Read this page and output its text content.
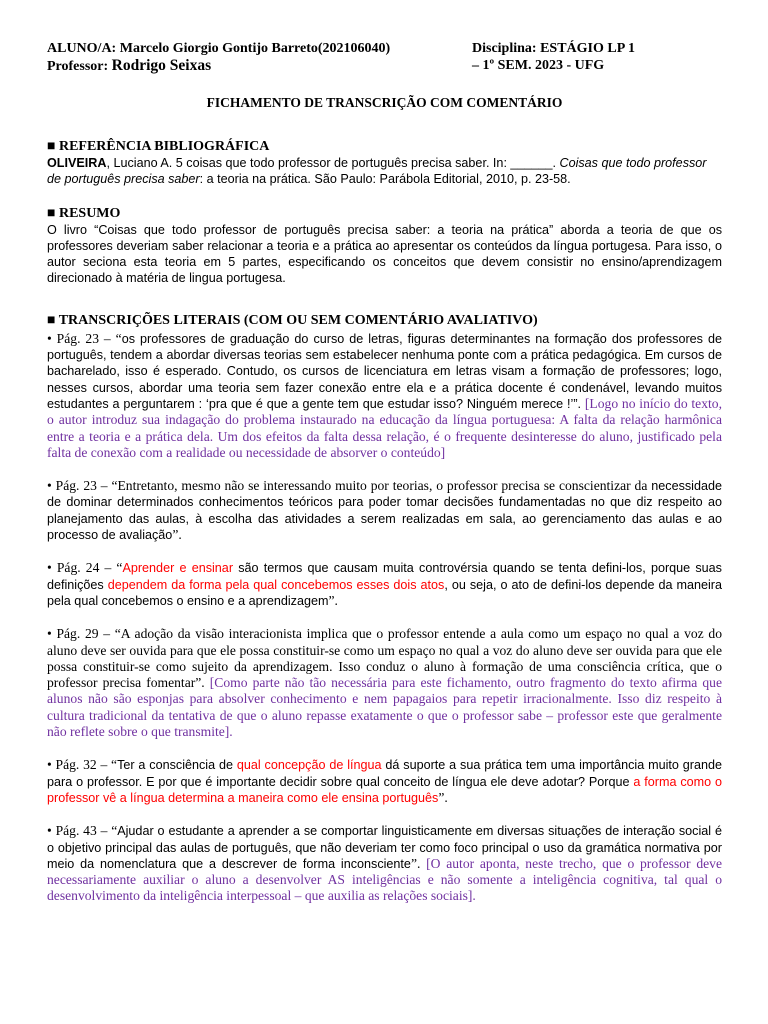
ALUNO/A: Marcelo Giorgio Gontijo Barreto(202106040)
Professor: Rodrigo Seixas
Disciplina: ESTÁGIO LP 1
– 1º SEM. 2023 - UFG
FICHAMENTO DE TRANSCRIÇÃO COM COMENTÁRIO
■ REFERÊNCIA BIBLIOGRÁFICA
OLIVEIRA, Luciano A. 5 coisas que todo professor de português precisa saber. In: ______. Coisas que todo professor de português precisa saber: a teoria na prática. São Paulo: Parábola Editorial, 2010, p. 23-58.
■ RESUMO
O livro “Coisas que todo professor de português precisa saber: a teoria na prática” aborda a teoria de que os professores deveriam saber relacionar a teoria e a prática ao apresentar os conteúdos da língua portugesa. Para isso, o autor seciona esta teoria em 5 partes, especificando os conceitos que devem consistir no ensino/aprendizagem direcionado à matéria de lingua portugesa.
■ TRANSCRIÇÕES LITERAIS (COM OU SEM COMENTÁRIO AVALIATIVO)
• Pág. 23 – “os professores de graduação do curso de letras, figuras determinantes na formação dos professores de português, tendem a abordar diversas teorias sem estabelecer nenhuma ponte com a prática pedagógica. Em cursos de bacharelado, isso é esperado. Contudo, os cursos de licenciatura em letras visam a formação de professores; logo, nesses cursos, abordar uma teoria sem fazer conexão entre ela e a prática docente é condenável, levando muitos estudantes a perguntarem : ‘pra que é que a gente tem que estudar isso? Ninguém merece !’”. [Logo no início do texto, o autor introduz sua indagação do problema instaurado na educação da língua portuguesa: A falta da relação harmônica entre a teoria e a prática dela. Um dos efeitos da falta dessa relação, é o frequente desinteresse do aluno, justificado pela falta de conexão com a realidade ou necessidade de absorver o conteúdo]
• Pág. 23 – “Entretanto, mesmo não se interessando muito por teorias, o professor precisa se conscientizar da necessidade de dominar determinados conhecimentos teóricos para poder tomar decisões fundamentadas no que diz respeito ao planejamento das aulas, à escolha das atividades a serem realizadas em sala, ao gerenciamento das aulas e ao processo de avaliação”.
• Pág. 24 – “Aprender e ensinar são termos que causam muita controvérsia quando se tenta defini-los, porque suas definições dependem da forma pela qual concebemos esses dois atos, ou seja, o ato de defini-los depende da maneira pela qual concebemos o ensino e a aprendizagem”.
• Pág. 29 – “A adoção da visão interacionista implica que o professor entende a aula como um espaço no qual a voz do aluno deve ser ouvida para que ele possa constituir-se como um espaço no qual a voz do aluno deve ser ouvida para que ele possa constituir-se como sujeito da aprendizagem. Isso conduz o aluno à formação de uma consciência crítica, que o professor precisa fomentar”. [Como parte não tão necessária para este fichamento, outro fragmento do texto afirma que alunos não são esponjas para absolver conhecimento e nem papagaios para repetir irracionalmente. Isso diz respeito à cultura tradicional da tentativa de que o aluno repasse exatamente o que o professor sabe – professor este que geralmente não reflete sobre o que transmite].
• Pág. 32 – “Ter a consciência de qual concepção de língua dá suporte a sua prática tem uma importância muito grande para o professor. E por que é importante decidir sobre qual conceito de língua ele deve adotar? Porque a forma como o professor vê a língua determina a maneira como ele ensina português”.
• Pág. 43 – “Ajudar o estudante a aprender a se comportar linguisticamente em diversas situações de interação social é o objetivo principal das aulas de português, que não deveriam ter como foco principal o uso da gramática normativa por meio da nomenclatura que a descrever de forma inconsciente”. [O autor aponta, neste trecho, que o professor deve necessariamente auxiliar o aluno a desenvolver AS inteligências e não somente a inteligência cognitiva, tal qual o desenvolvimento da inteligência interpessoal – que auxilia as relações sociais].
